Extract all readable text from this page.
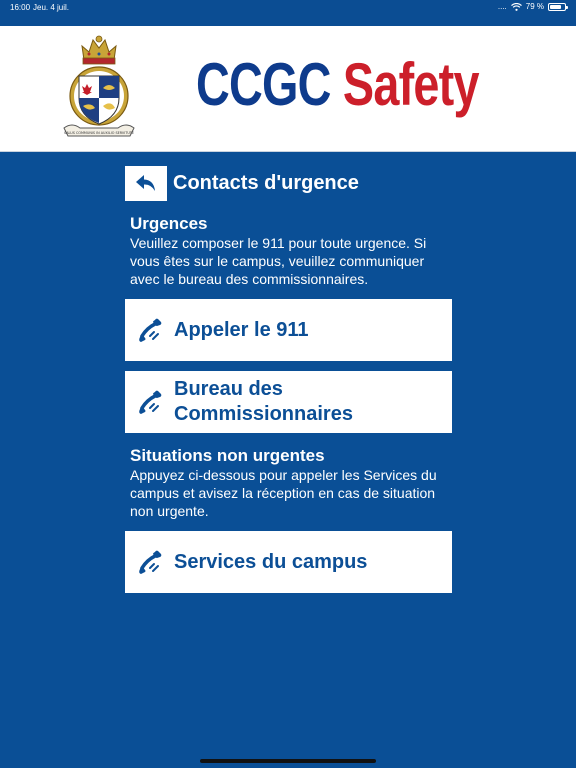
16:00 Jeu. 4 juil.	.... 79 %
SALUS COMMUNIS IN AUXILIO SERVITUTE
CCGC Safety
Contacts d'urgence
Urgences
Veuillez composer le 911 pour toute urgence. Si vous êtes sur le campus, veuillez communiquer avec le bureau des commissionnaires.
Appeler le 911
Bureau des Commissionnaires
Situations non urgentes
Appuyez ci-dessous pour appeler les Services du campus et avisez la réception en cas de situation non urgente.
Services du campus
